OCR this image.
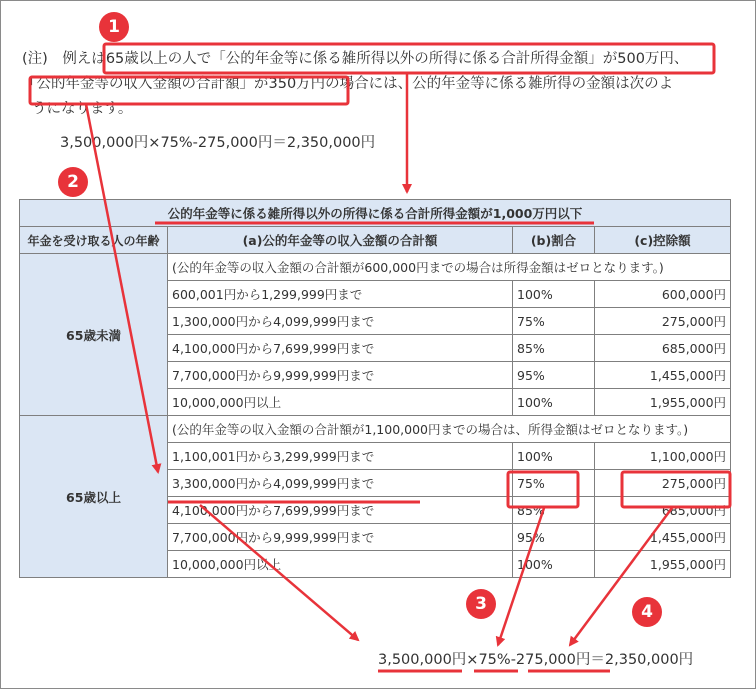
(注)　例えば65歳以上の人で「公的年金等に係る雑所得以外の所得に係る合計所得金額」が500万円、
「公的年金等の収入金額の合計額」が350万円の場合には、公的年金等に係る雑所得の金額は次のよ
うになります。
3,500,000円×75%-275,000円＝2,350,000円
公的年金等に係る雑所得以外の所得に係る合計所得金額が1,000万円以下			
年金を受け取る人の年齢	(a)公的年金等の収入金額の合計額	(b)割合	(c)控除額
65歳未満	(公的年金等の収入金額の合計額が600,000円までの場合は所得金額はゼロとなります。)		
	600,001円から1,299,999円まで	100%	600,000円
	1,300,000円から4,099,999円まで	75%	275,000円
	4,100,000円から7,699,999円まで	85%	685,000円
	7,700,000円から9,999,999円まで	95%	1,455,000円
	10,000,000円以上	100%	1,955,000円
65歳以上	(公的年金等の収入金額の合計額が1,100,000円までの場合は、所得金額はゼロとなります。)		
	1,100,001円から3,299,999円まで	100%	1,100,000円
	3,300,000円から4,099,999円まで	75%	275,000円
	4,100,000円から7,699,999円まで	85%	685,000円
	7,700,000円から9,999,999円まで	95%	1,455,000円
	10,000,000円以上	100%	1,955,000円
3,500,000円×75%-275,000円＝2,350,000円
1
2
3	4
